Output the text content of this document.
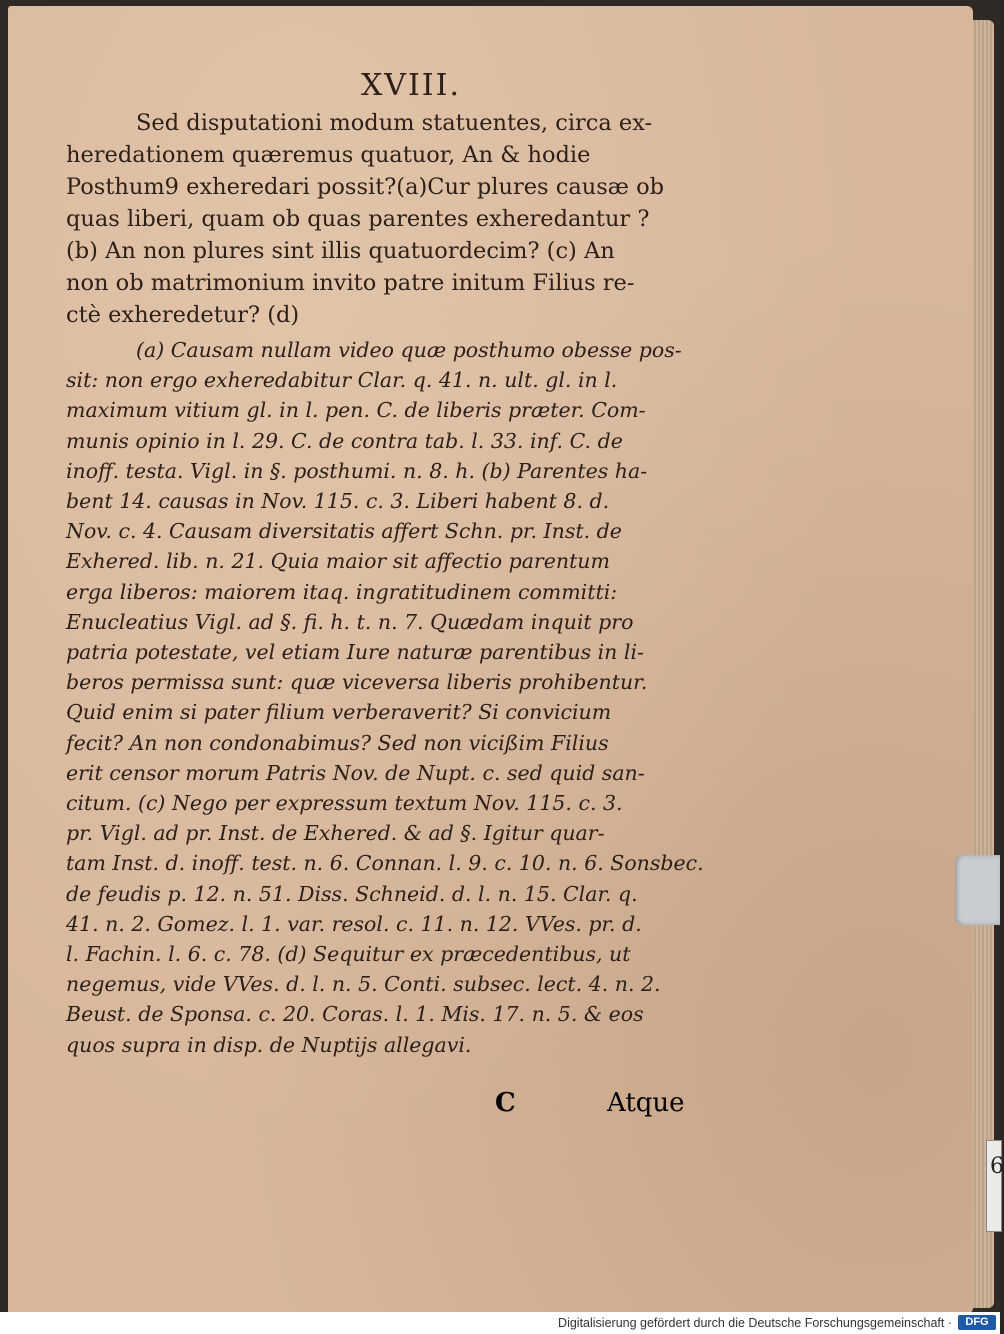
6
XVIII.
Sed disputationi modum statuentes, circa ex-
heredationem quæremus quatuor, An & hodie
Posthum9 exheredari possit?(a)Cur plures causæ ob
quas liberi, quam ob quas parentes exheredantur ?
(b) An non plures sint illis quatuordecim? (c) An
non ob matrimonium invito patre initum Filius re-
ctè exheredetur? (d)
(a) Causam nullam video quæ posthumo obesse pos-
sit: non ergo exheredabitur Clar. q. 41. n. ult. gl. in l.
maximum vitium gl. in l. pen. C. de liberis præter. Com-
munis opinio in l. 29. C. de contra tab. l. 33. inf. C. de
inoff. testa. Vigl. in §. posthumi. n. 8. h. (b) Parentes ha-
bent 14. causas in Nov. 115. c. 3. Liberi habent 8. d.
Nov. c. 4. Causam diversitatis affert Schn. pr. Inst. de
Exhered. lib. n. 21. Quia maior sit affectio parentum
erga liberos: maiorem itaq. ingratitudinem committi:
Enucleatius Vigl. ad §. fi. h. t. n. 7. Quædam inquit pro
patria potestate, vel etiam Iure naturæ parentibus in li-
beros permissa sunt: quæ viceversa liberis prohibentur.
Quid enim si pater filium verberaverit? Si convicium
fecit? An non condonabimus? Sed non vicißim Filius
erit censor morum Patris Nov. de Nupt. c. sed quid san-
citum. (c) Nego per expressum textum Nov. 115. c. 3.
pr. Vigl. ad pr. Inst. de Exhered. & ad §. Igitur quar-
tam Inst. d. inoff. test. n. 6. Connan. l. 9. c. 10. n. 6. Sonsbec.
de feudis p. 12. n. 51. Diss. Schneid. d. l. n. 15. Clar. q.
41. n. 2. Gomez. l. 1. var. resol. c. 11. n. 12. VVes. pr. d.
l. Fachin. l. 6. c. 78. (d) Sequitur ex præcedentibus, ut
negemus, vide VVes. d. l. n. 5. Conti. subsec. lect. 4. n. 2.
Beust. de Sponsa. c. 20. Coras. l. 1. Mis. 17. n. 5. & eos
quos supra in disp. de Nuptijs allegavi.
C	Atque
Digitalisierung gefördert durch die Deutsche Forschungsgemeinschaft ·	DFG
